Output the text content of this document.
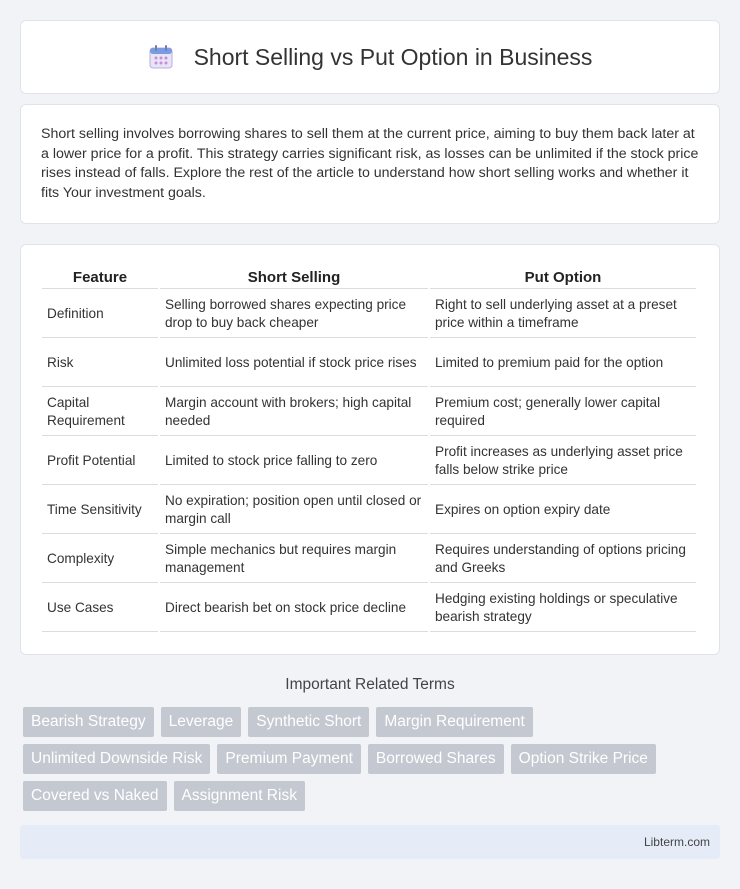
Short Selling vs Put Option in Business

Short selling involves borrowing shares to sell them at the current price, aiming to buy them back later at a lower price for a profit. This strategy carries significant risk, as losses can be unlimited if the stock price rises instead of falls. Explore the rest of the article to understand how short selling works and whether it fits Your investment goals.

Feature	Short Selling	Put Option
Definition	Selling borrowed shares expecting price drop to buy back cheaper	Right to sell underlying asset at a preset price within a timeframe
Risk	Unlimited loss potential if stock price rises	Limited to premium paid for the option
Capital Requirement	Margin account with brokers; high capital needed	Premium cost; generally lower capital required
Profit Potential	Limited to stock price falling to zero	Profit increases as underlying asset price falls below strike price
Time Sensitivity	No expiration; position open until closed or margin call	Expires on option expiry date
Complexity	Simple mechanics but requires margin management	Requires understanding of options pricing and Greeks
Use Cases	Direct bearish bet on stock price decline	Hedging existing holdings or speculative bearish strategy
Important Related Terms
Bearish Strategy	Leverage	Synthetic Short	Margin Requirement
Unlimited Downside Risk	Premium Payment	Borrowed Shares	Option Strike Price
Covered vs Naked	Assignment Risk
Libterm.com
